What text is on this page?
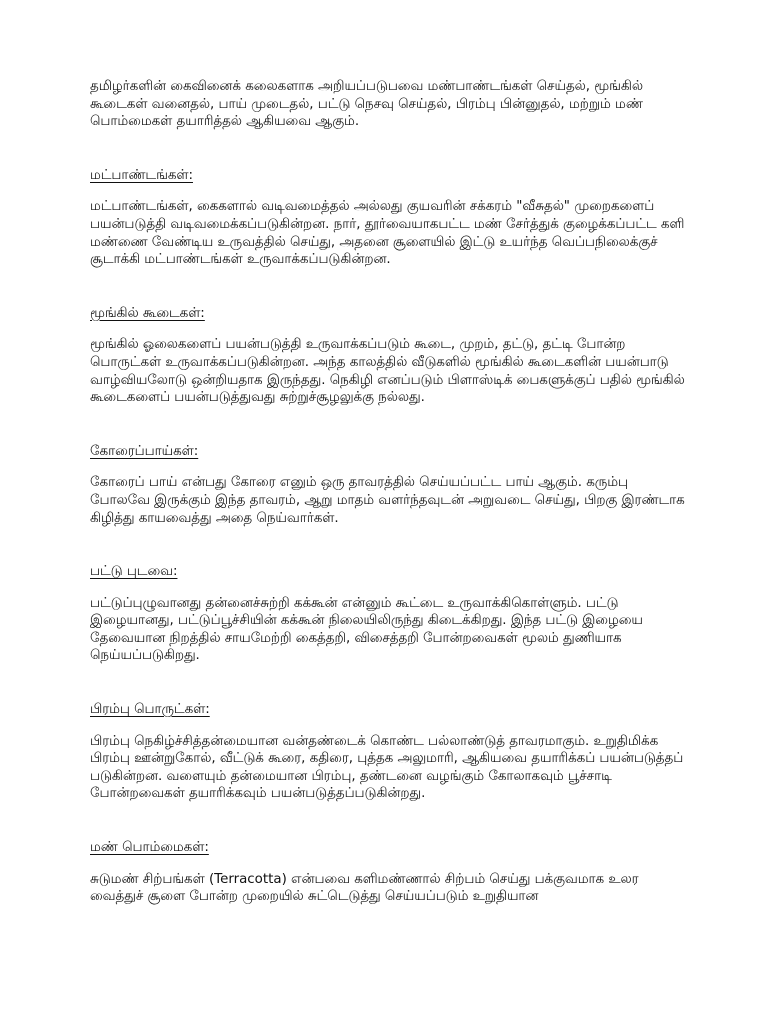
தமிழர்களின் கைவினைக் கலைகளாக அறியப்படுபவை மண்பாண்டங்கள் செய்தல், மூங்கில் கூடைகள் வனைதல், பாய் முடைதல், பட்டு நெசவு செய்தல், பிரம்பு பின்னுதல், மற்றும் மண் பொம்மைகள் தயாரித்தல் ஆகியவை ஆகும்.

மட்பாண்டங்கள்:

மட்பாண்டங்கள், கைகளால் வடிவமைத்தல் அல்லது குயவரின் சக்கரம் "வீசுதல்" முறைகளைப் பயன்படுத்தி வடிவமைக்கப்படுகின்றன. நார், தூர்வையாகபட்ட மண் சேர்த்துக் குழைக்கப்பட்ட களி மண்ணை வேண்டிய உருவத்தில் செய்து, அதனை சூளையில் இட்டு உயர்ந்த வெப்பநிலைக்குச் சூடாக்கி மட்பாண்டங்கள் உருவாக்கப்படுகின்றன.

மூங்கில் கூடைகள்:

மூங்கில் ஓலைகளைப் பயன்படுத்தி உருவாக்கப்படும் கூடை, முறம், தட்டு, தட்டி போன்ற பொருட்கள் உருவாக்கப்படுகின்றன. அந்த காலத்தில் வீடுகளில் மூங்கில் கூடைகளின் பயன்பாடு வாழ்வியலோடு ஒன்றியதாக இருந்தது. நெகிழி எனப்படும் பிளாஸ்டிக் பைகளுக்குப் பதில் மூங்கில் கூடைகளைப் பயன்படுத்துவது சுற்றுச்சூழலுக்கு நல்லது.

கோரைப்பாய்கள்:

கோரைப் பாய் என்பது கோரை எனும் ஒரு தாவரத்தில் செய்யப்பட்ட பாய் ஆகும். கரும்பு போலவே இருக்கும் இந்த தாவரம், ஆறு மாதம் வளர்ந்தவுடன் அறுவடை செய்து, பிறகு இரண்டாக கிழித்து காயவைத்து அதை நெய்வார்கள்.

பட்டு புடவை:

பட்டுப்புழுவானது தன்னைச்சுற்றி கக்கூன் என்னும் கூட்டை உருவாக்கிகொள்ளும். பட்டு இழையானது, பட்டுப்பூச்சியின் கக்கூன் நிலையிலிருந்து கிடைக்கிறது. இந்த பட்டு இழையை தேவையான நிறத்தில் சாயமேற்றி கைத்தறி, விசைத்தறி போன்றவைகள் மூலம் துணியாக நெய்யப்படுகிறது.

பிரம்பு பொருட்கள்:

பிரம்பு நெகிழ்ச்சித்தன்மையான வன்தண்டைக் கொண்ட பல்லாண்டுத் தாவரமாகும். உறுதிமிக்க பிரம்பு ஊன்றுகோல், வீட்டுக் கூரை, கதிரை, புத்தக அலுமாரி, ஆகியவை தயாரிக்கப் பயன்படுத்தப் படுகின்றன. வளையும் தன்மையான பிரம்பு, தண்டனை வழங்கும் கோலாகவும் பூச்சாடி போன்றவைகள் தயாரிக்கவும் பயன்படுத்தப்படுகின்றது.

மண் பொம்மைகள்:

சுடுமண் சிற்பங்கள் (Terracotta) என்பவை களிமண்ணால் சிற்பம் செய்து பக்குவமாக உலர வைத்துச் சூளை போன்ற முறையில் சுட்டெடுத்து செய்யப்படும் உறுதியான
